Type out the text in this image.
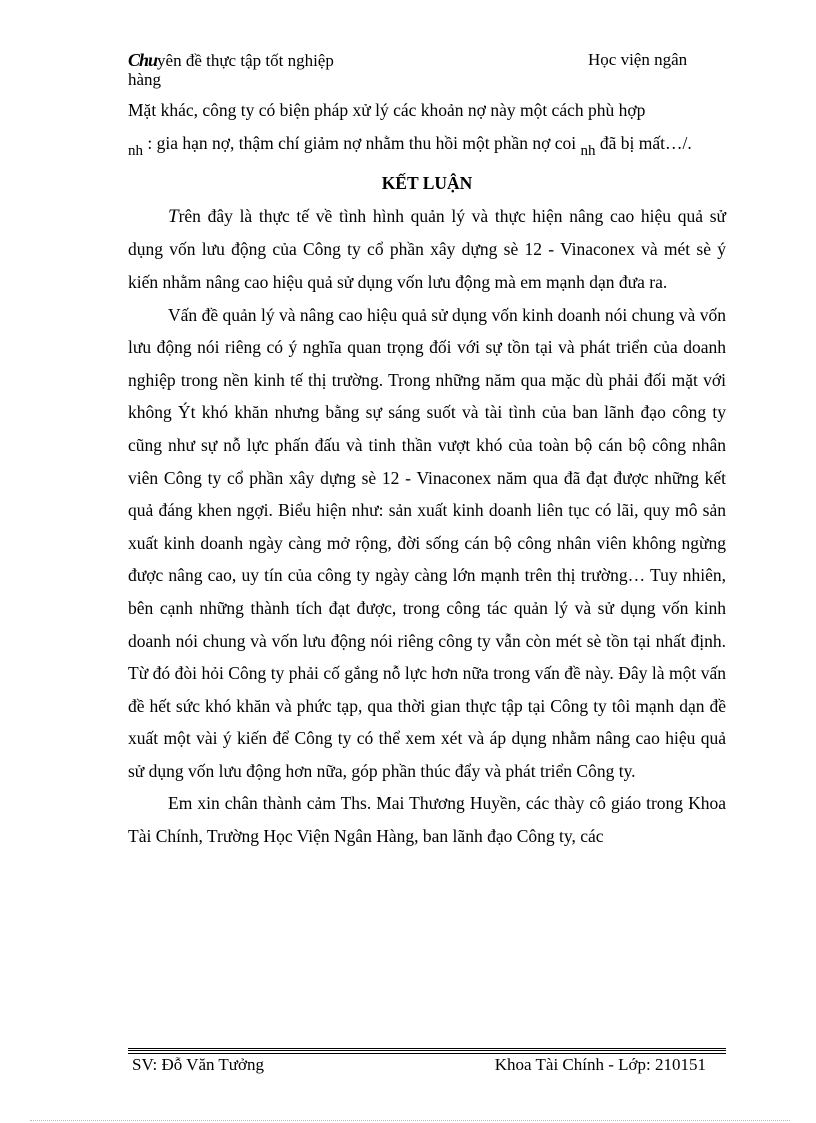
Chuyên đề thực tập tốt nghiệp	Học viện ngân
hàng

Mặt khác, công ty có biện pháp xử lý các khoản nợ này một cách phù hợp
nh : gia hạn nợ, thậm chí giảm nợ nhằm thu hồi một phần nợ coi nh đã bị mất…/.

KẾT LUẬN

Trên đây là thực tế về tình hình quản lý và thực hiện nâng cao hiệu quả sử dụng vốn lưu động của Công ty cổ phần xây dựng sè 12 - Vinaconex và mét sè ý kiến nhằm nâng cao hiệu quả sử dụng vốn lưu động mà em mạnh dạn đưa ra.

Vấn đề quản lý và nâng cao hiệu quả sử dụng vốn kinh doanh nói chung và vốn lưu động nói riêng có ý nghĩa quan trọng đối với sự tồn tại và phát triển của doanh nghiệp trong nền kinh tế thị trường. Trong những năm qua mặc dù phải đối mặt với không Ýt khó khăn nhưng bằng sự sáng suốt và tài tình của ban lãnh đạo công ty cũng như sự nỗ lực phấn đấu và tinh thần vượt khó của toàn bộ cán bộ công nhân viên Công ty cổ phần xây dựng sè 12 - Vinaconex năm qua đã đạt được những kết quả đáng khen ngợi. Biểu hiện như: sản xuất kinh doanh liên tục có lãi, quy mô sản xuất kinh doanh ngày càng mở rộng, đời sống cán bộ công nhân viên không ngừng được nâng cao, uy tín của công ty ngày càng lớn mạnh trên thị trường… Tuy nhiên, bên cạnh những thành tích đạt được, trong công tác quản lý và sử dụng vốn kinh doanh nói chung và vốn lưu động nói riêng công ty vẫn còn mét sè tồn tại nhất định. Từ đó đòi hỏi Công ty phải cố gắng nỗ lực hơn nữa trong vấn đề này. Đây là một vấn đề hết sức khó khăn và phức tạp, qua thời gian thực tập tại Công ty tôi mạnh dạn đề xuất một vài ý kiến để Công ty có thể xem xét và áp dụng nhằm nâng cao hiệu quả sử dụng vốn lưu động hơn nữa, góp phần thúc đẩy và phát triển Công ty.

Em xin chân thành cảm Ths. Mai Thương Huyền, các thày cô giáo trong Khoa Tài Chính, Trường Học Viện Ngân Hàng, ban lãnh đạo Công ty, các

SV: Đỗ Văn Tưởng	Khoa Tài Chính - Lớp: 210151
